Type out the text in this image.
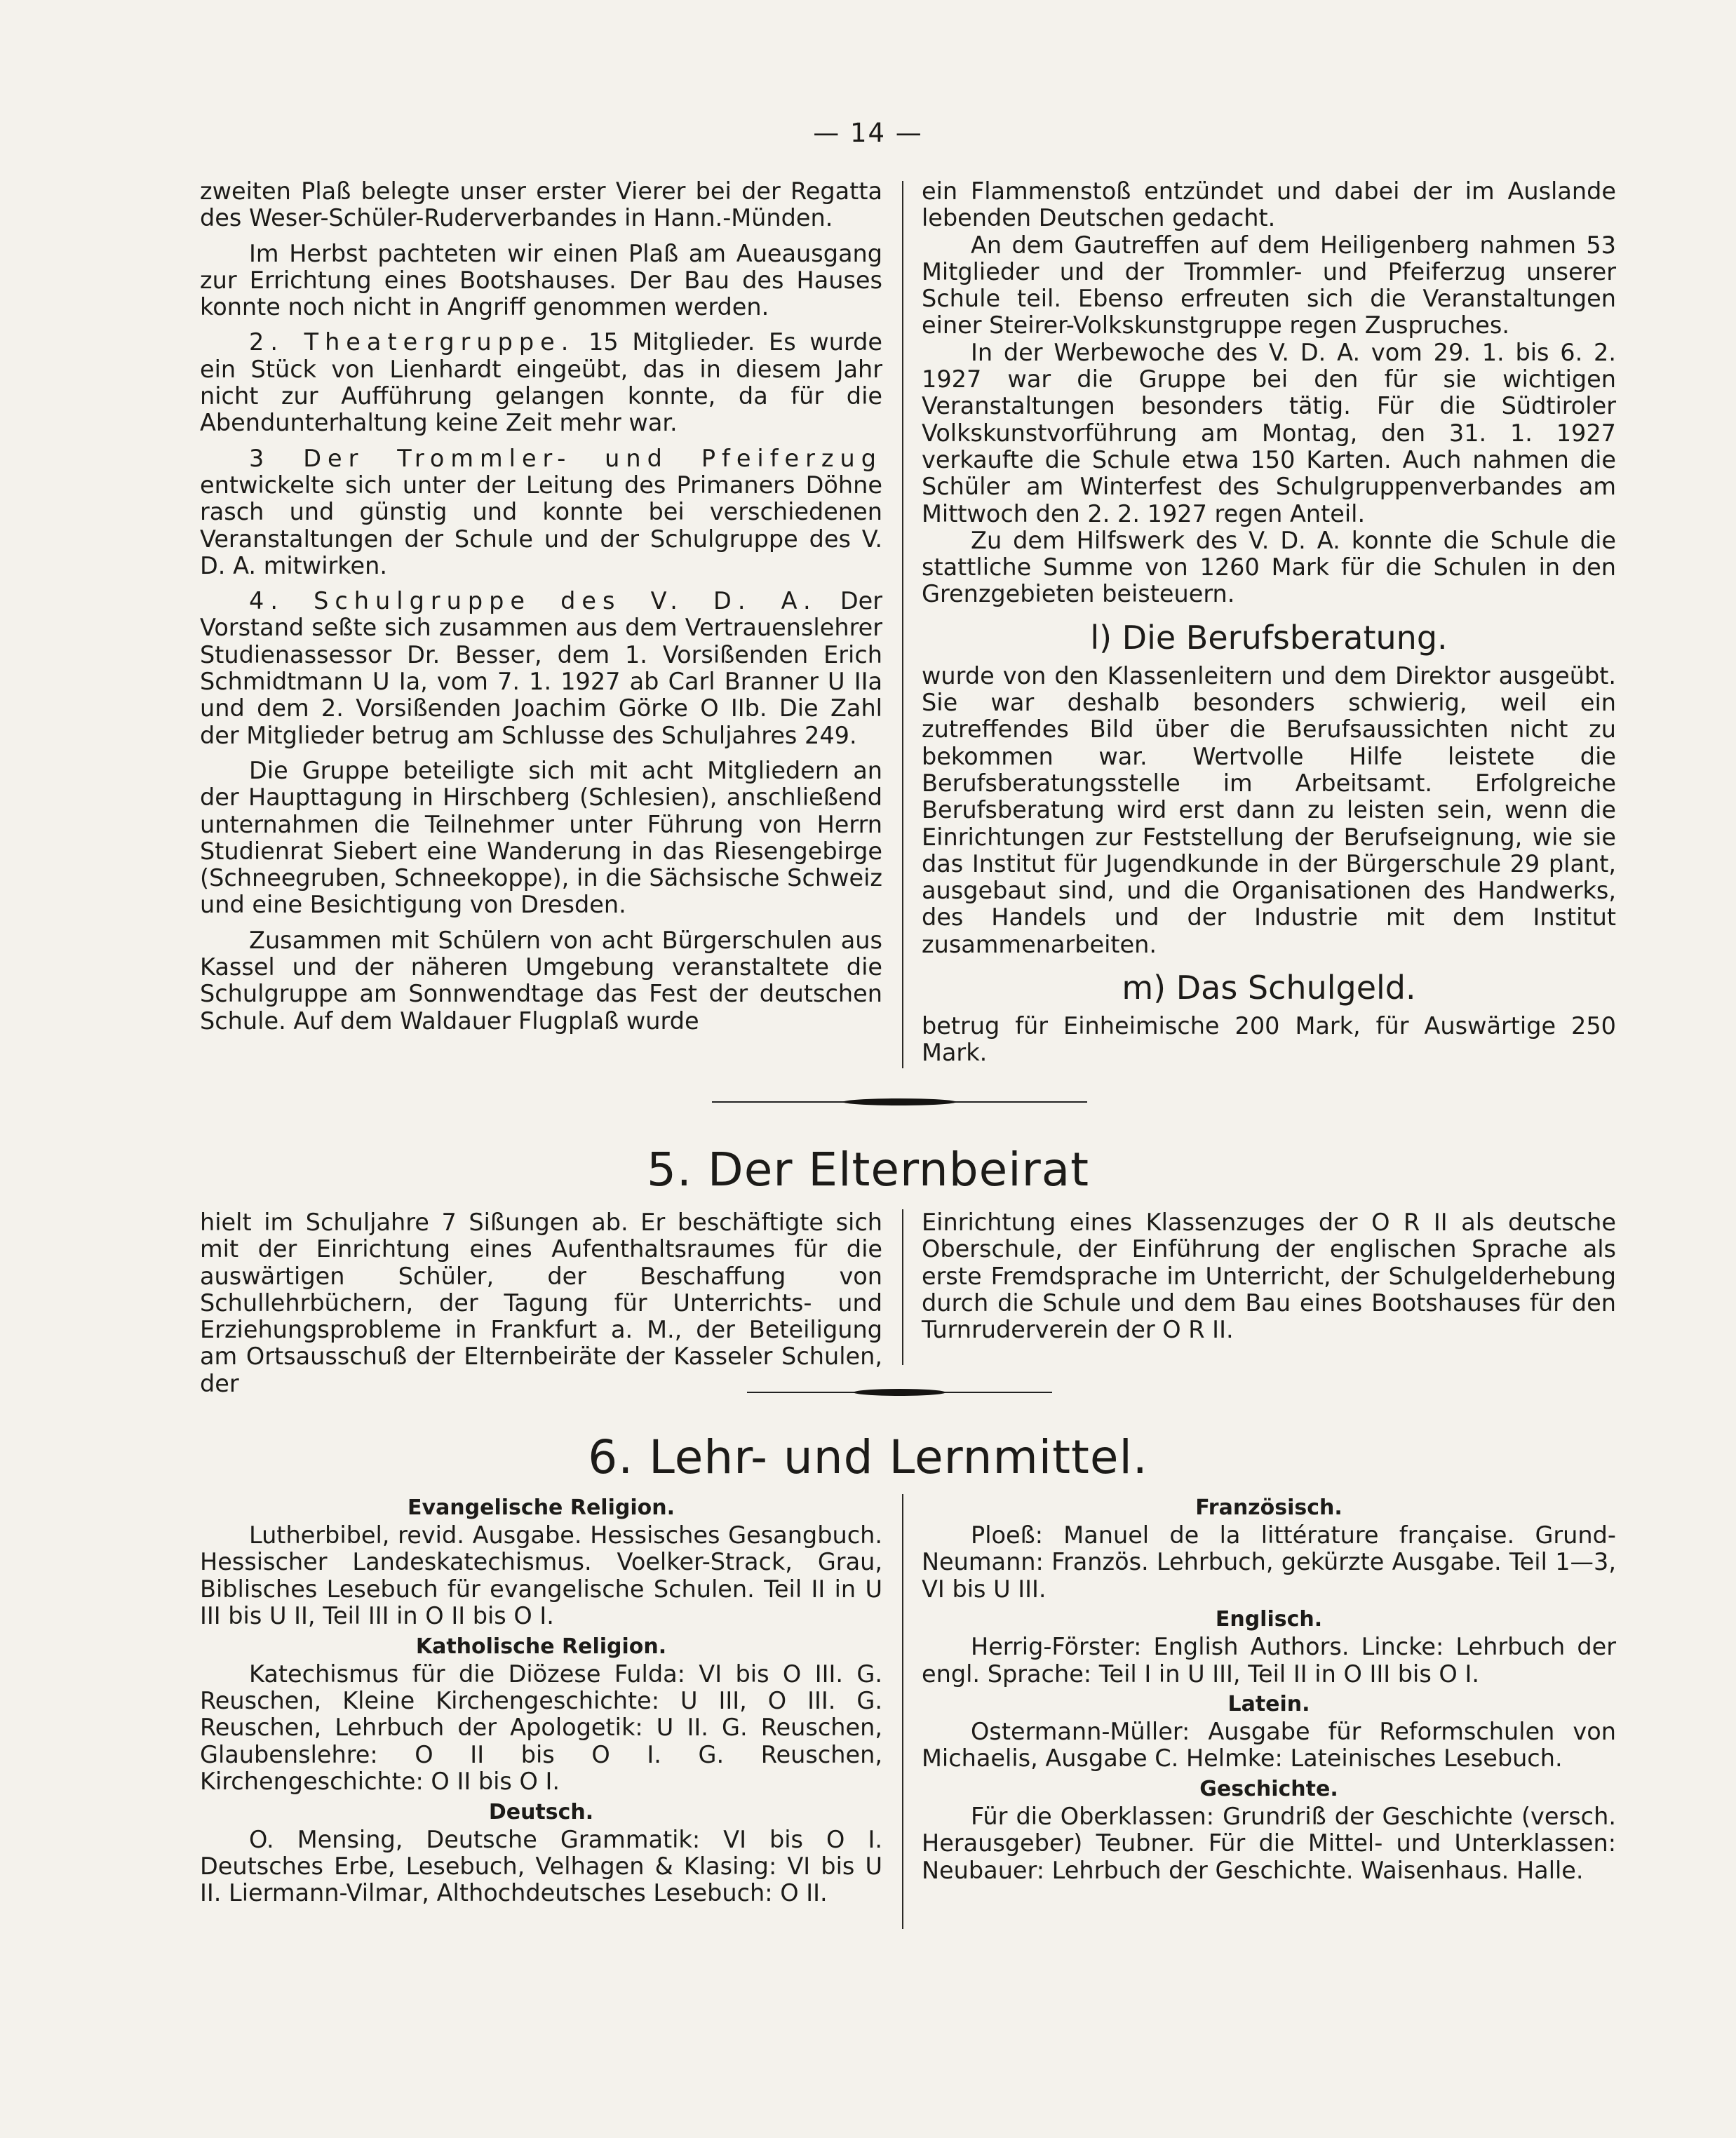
— 14 —

zweiten Plaß belegte unser erster Vierer bei der Regatta des Weser-Schüler-Ruderverbandes in Hann.-Münden.

Im Herbst pachteten wir einen Plaß am Aueausgang zur Errichtung eines Bootshauses. Der Bau des Hauses konnte noch nicht in Angriff genommen werden.

2. Theatergruppe. 15 Mitglieder. Es wurde ein Stück von Lienhardt eingeübt, das in diesem Jahr nicht zur Aufführung gelangen konnte, da für die Abendunterhaltung keine Zeit mehr war.

3 Der Trommler- und Pfeiferzug entwickelte sich unter der Leitung des Primaners Döhne rasch und günstig und konnte bei verschiedenen Veranstaltungen der Schule und der Schulgruppe des V. D. A. mitwirken.

4. Schulgruppe des V. D. A. Der Vorstand seßte sich zusammen aus dem Vertrauenslehrer Studienassessor Dr. Besser, dem 1. Vorsißenden Erich Schmidtmann U Ia, vom 7. 1. 1927 ab Carl Branner U IIa und dem 2. Vorsißenden Joachim Görke O IIb. Die Zahl der Mitglieder betrug am Schlusse des Schuljahres 249.

Die Gruppe beteiligte sich mit acht Mitgliedern an der Haupttagung in Hirschberg (Schlesien), anschließend unternahmen die Teilnehmer unter Führung von Herrn Studienrat Siebert eine Wanderung in das Riesengebirge (Schneegruben, Schneekoppe), in die Sächsische Schweiz und eine Besichtigung von Dresden.

Zusammen mit Schülern von acht Bürgerschulen aus Kassel und der näheren Umgebung veranstaltete die Schulgruppe am Sonnwendtage das Fest der deutschen Schule. Auf dem Waldauer Flugplaß wurde

ein Flammenstoß entzündet und dabei der im Auslande lebenden Deutschen gedacht.

An dem Gautreffen auf dem Heiligenberg nahmen 53 Mitglieder und der Trommler- und Pfeiferzug unserer Schule teil. Ebenso erfreuten sich die Veranstaltungen einer Steirer-Volkskunstgruppe regen Zuspruches.

In der Werbewoche des V. D. A. vom 29. 1. bis 6. 2. 1927 war die Gruppe bei den für sie wichtigen Veranstaltungen besonders tätig. Für die Südtiroler Volkskunstvorführung am Montag, den 31. 1. 1927 verkaufte die Schule etwa 150 Karten. Auch nahmen die Schüler am Winterfest des Schulgruppenverbandes am Mittwoch den 2. 2. 1927 regen Anteil.

Zu dem Hilfswerk des V. D. A. konnte die Schule die stattliche Summe von 1260 Mark für die Schulen in den Grenzgebieten beisteuern.

l) Die Berufsberatung.

wurde von den Klassenleitern und dem Direktor ausgeübt. Sie war deshalb besonders schwierig, weil ein zutreffendes Bild über die Berufsaussichten nicht zu bekommen war. Wertvolle Hilfe leistete die Berufsberatungsstelle im Arbeitsamt. Erfolgreiche Berufsberatung wird erst dann zu leisten sein, wenn die Einrichtungen zur Feststellung der Berufseignung, wie sie das Institut für Jugendkunde in der Bürgerschule 29 plant, ausgebaut sind, und die Organisationen des Handwerks, des Handels und der Industrie mit dem Institut zusammenarbeiten.

m) Das Schulgeld.

betrug für Einheimische 200 Mark, für Auswärtige 250 Mark.

5. Der Elternbeirat

hielt im Schuljahre 7 Sißungen ab. Er beschäftigte sich mit der Einrichtung eines Aufenthaltsraumes für die auswärtigen Schüler, der Beschaffung von Schullehrbüchern, der Tagung für Unterrichts- und Erziehungsprobleme in Frankfurt a. M., der Beteiligung am Ortsausschuß der Elternbeiräte der Kasseler Schulen, der

Einrichtung eines Klassenzuges der O R II als deutsche Oberschule, der Einführung der englischen Sprache als erste Fremdsprache im Unterricht, der Schulgelderhebung durch die Schule und dem Bau eines Bootshauses für den Turnruderverein der O R II.

6. Lehr- und Lernmittel.
Evangelische Religion.

Lutherbibel, revid. Ausgabe. Hessisches Gesangbuch. Hessischer Landeskatechismus. Voelker-Strack, Grau, Biblisches Lesebuch für evangelische Schulen. Teil II in U III bis U II, Teil III in O II bis O I.

Katholische Religion.

Katechismus für die Diözese Fulda: VI bis O III. G. Reuschen, Kleine Kirchengeschichte: U III, O III. G. Reuschen, Lehrbuch der Apologetik: U II. G. Reuschen, Glaubenslehre: O II bis O I. G. Reuschen, Kirchengeschichte: O II bis O I.

Deutsch.

O. Mensing, Deutsche Grammatik: VI bis O I. Deutsches Erbe, Lesebuch, Velhagen & Klasing: VI bis U II. Liermann-Vilmar, Althochdeutsches Lesebuch: O II.

Französisch.

Ploeß: Manuel de la littérature française. Grund-Neumann: Französ. Lehrbuch, gekürzte Ausgabe. Teil 1—3, VI bis U III.

Englisch.

Herrig-Förster: English Authors. Lincke: Lehrbuch der engl. Sprache: Teil I in U III, Teil II in O III bis O I.

Latein.

Ostermann-Müller: Ausgabe für Reformschulen von Michaelis, Ausgabe C. Helmke: Lateinisches Lesebuch.

Geschichte.

Für die Oberklassen: Grundriß der Geschichte (versch. Herausgeber) Teubner. Für die Mittel- und Unterklassen: Neubauer: Lehrbuch der Geschichte. Waisenhaus. Halle.
